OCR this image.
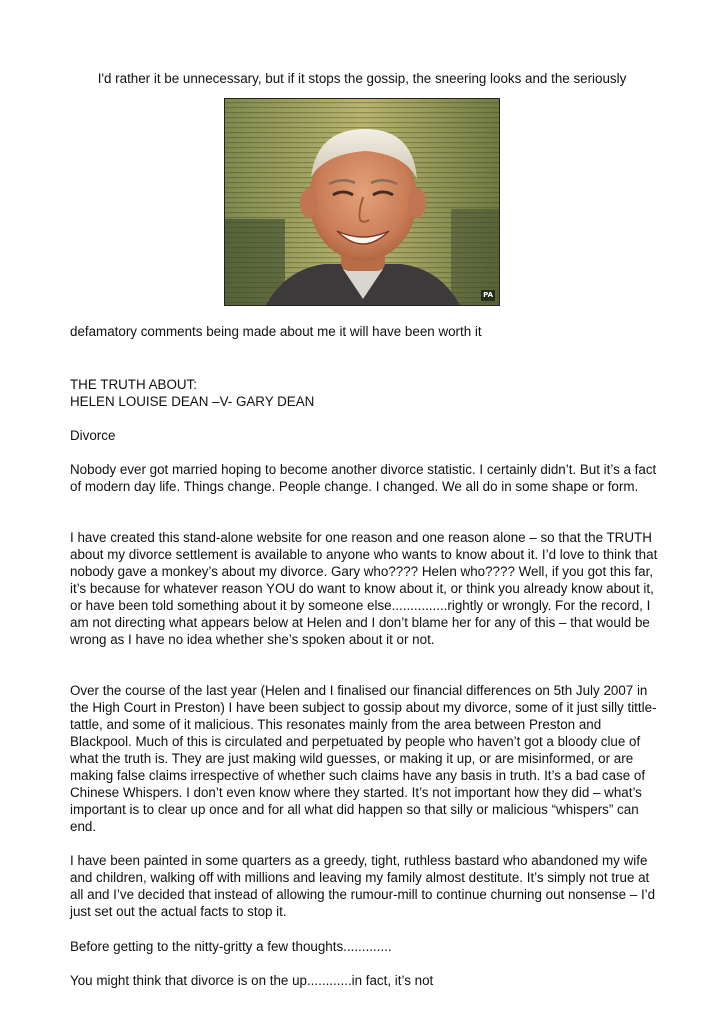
I'd rather it be unnecessary, but if it stops the gossip, the sneering looks and the seriously

PA

defamatory comments being made about me it will have been worth it

THE TRUTH ABOUT:

HELEN LOUISE DEAN –V- GARY DEAN

Divorce

Nobody ever got married hoping to become another divorce statistic. I certainly didn’t. But it’s a fact of modern day life. Things change. People change. I changed. We all do in some shape or form.

I have created this stand-alone website for one reason and one reason alone – so that the TRUTH about my divorce settlement is available to anyone who wants to know about it. I’d love to think that nobody gave a monkey’s about my divorce. Gary who???? Helen who???? Well, if you got this far, it’s because for whatever reason YOU do want to know about it, or think you already know about it, or have been told something about it by someone else...............rightly or wrongly. For the record, I am not directing what appears below at Helen and I don’t blame her for any of this – that would be wrong as I have no idea whether she’s spoken about it or not.

Over the course of the last year (Helen and I finalised our financial differences on 5th July 2007 in the High Court in Preston) I have been subject to gossip about my divorce, some of it just silly tittle-tattle, and some of it malicious. This resonates mainly from the area between Preston and Blackpool. Much of this is circulated and perpetuated by people who haven’t got a bloody clue of what the truth is. They are just making wild guesses, or making it up, or are misinformed, or are making false claims irrespective of whether such claims have any basis in truth. It’s a bad case of Chinese Whispers. I don’t even know where they started. It’s not important how they did – what’s important is to clear up once and for all what did happen so that silly or malicious “whispers” can end.

I have been painted in some quarters as a greedy, tight, ruthless bastard who abandoned my wife and children, walking off with millions and leaving my family almost destitute. It’s simply not true at all and I’ve decided that instead of allowing the rumour-mill to continue churning out nonsense – I’d just set out the actual facts to stop it.

Before getting to the nitty-gritty a few thoughts.............

You might think that divorce is on the up............in fact, it’s not
